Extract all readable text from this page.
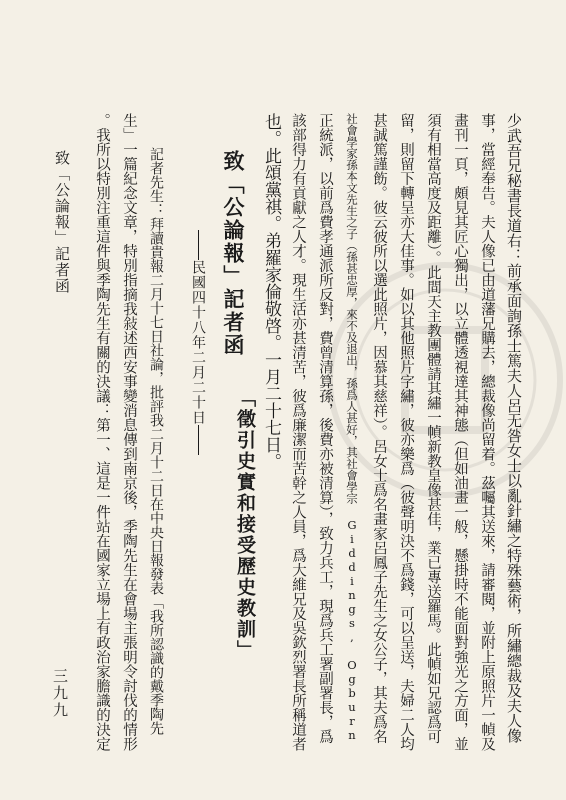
少武吾兄秘書長道右：前承面詢孫士篤夫人呂无咎女士以亂針繡之特殊藝術，所繡總裁及夫人像
事，當經奉告。夫人像已由道藩兄購去，總裁像尚留着。茲囑其送來，請審閱，並附上原照片一幀及
畫刊一頁，頗見其匠心獨出，以立體透視達其神態（但如油畫一般，懸掛時不能面對強光之方面，並
須有相當高度及距離）。此間天主教團體請其繡一幀新教皇像甚佳，業已專送羅馬。此幀如兄認爲可
留，則留下轉呈亦大佳事。如以其他照片字繡，彼亦樂爲（彼聲明決不爲錢，可以呈送，夫婦二人均
甚誠篤謹飭。彼云彼所以選此照片，因慕其慈祥）。呂女士爲名畫家呂鳳子先生之女公子，其夫爲名
社會學家孫本文先生之子（孫甚忠厚，來不及退出，孫爲人甚好，其社會學宗 Giddings, Ogburn
正統派，以前爲費孝通派所反對，費曾清算孫，後費亦被清算），致力兵工，現爲兵工署副署長，爲
該部得力有貢獻之人才。現生活亦甚清苦，彼爲廉潔而苦幹之人員，爲大維兄及吳欽烈署長所稱道者
也。此頌黨祺。弟羅家倫敬啓。一月二十七日。
致「公論報」記者函
民國四十八年二月二十日
「徵引史實和接受歷史教訓」
記者先生：拜讀貴報二月十七日社論，批評我二月十二日在中央日報發表「我所認識的戴季陶先
生」一篇紀念文章，特別指摘我敍述西安事變消息傳到南京後，季陶先生在會場主張明令討伐的情形
。我所以特別注重這件與季陶先生有關的決議：第一、這是一件站在國家立場上有政治家膽識的決定
致「公論報」記者函
三九九
